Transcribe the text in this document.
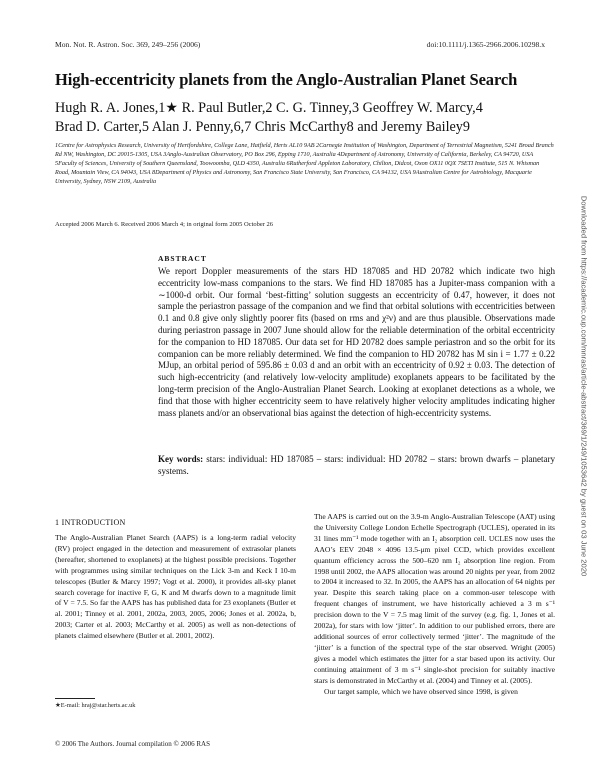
Mon. Not. R. Astron. Soc. 369, 249–256 (2006)	doi:10.1111/j.1365-2966.2006.10298.x
High-eccentricity planets from the Anglo-Australian Planet Search
Hugh R. A. Jones,1★ R. Paul Butler,2 C. G. Tinney,3 Geoffrey W. Marcy,4
Brad D. Carter,5 Alan J. Penny,6,7 Chris McCarthy8 and Jeremy Bailey9
1Centre for Astrophysics Research, University of Hertfordshire, College Lane, Hatfield, Herts AL10 9AB 2Carnegie Institution of Washington, Department of Terrestrial Magnetism, 5241 Broad Branch Rd NW, Washington, DC 20015-1305, USA 3Anglo-Australian Observatory, PO Box 296, Epping 1710, Australia 4Department of Astronomy, University of California, Berkeley, CA 94720, USA 5Faculty of Sciences, University of Southern Queensland, Toowoomba, QLD 4350, Australia 6Rutherford Appleton Laboratory, Chilton, Didcot, Oxon OX11 0QX 7SETI Institute, 515 N. Whisman Road, Mountain View, CA 94043, USA 8Department of Physics and Astronomy, San Francisco State University, San Francisco, CA 94132, USA 9Australian Centre for Astrobiology, Macquarie University, Sydney, NSW 2109, Australia
Accepted 2006 March 6. Received 2006 March 4; in original form 2005 October 26
ABSTRACT
We report Doppler measurements of the stars HD 187085 and HD 20782 which indicate two high eccentricity low-mass companions to the stars. We find HD 187085 has a Jupiter-mass companion with a ∼1000-d orbit. Our formal ‘best-fitting’ solution suggests an eccentricity of 0.47, however, it does not sample the periastron passage of the companion and we find that orbital solutions with eccentricities between 0.1 and 0.8 give only slightly poorer fits (based on rms and χ²ν) and are thus plausible. Observations made during periastron passage in 2007 June should allow for the reliable determination of the orbital eccentricity for the companion to HD 187085. Our data set for HD 20782 does sample periastron and so the orbit for its companion can be more reliably determined. We find the companion to HD 20782 has M sin i = 1.77 ± 0.22 MJup, an orbital period of 595.86 ± 0.03 d and an orbit with an eccentricity of 0.92 ± 0.03. The detection of such high-eccentricity (and relatively low-velocity amplitude) exoplanets appears to be facilitated by the long-term precision of the Anglo-Australian Planet Search. Looking at exoplanet detections as a whole, we find that those with higher eccentricity seem to have relatively higher velocity amplitudes indicating higher mass planets and/or an observational bias against the detection of high-eccentricity systems.
Key words: stars: individual: HD 187085 – stars: individual: HD 20782 – stars: brown dwarfs – planetary systems.
1 INTRODUCTION

The Anglo-Australian Planet Search (AAPS) is a long-term radial velocity (RV) project engaged in the detection and measurement of extrasolar planets (hereafter, shortened to exoplanets) at the highest possible precisions. Together with programmes using similar techniques on the Lick 3-m and Keck I 10-m telescopes (Butler & Marcy 1997; Vogt et al. 2000), it provides all-sky planet search coverage for inactive F, G, K and M dwarfs down to a magnitude limit of V = 7.5. So far the AAPS has has published data for 23 exoplanets (Butler et al. 2001; Tinney et al. 2001, 2002a, 2003, 2005, 2006; Jones et al. 2002a, b, 2003; Carter et al. 2003; McCarthy et al. 2005) as well as non-detections of planets claimed elsewhere (Butler et al. 2001, 2002).

The AAPS is carried out on the 3.9-m Anglo-Australian Telescope (AAT) using the University College London Echelle Spectrograph (UCLES), operated in its 31 lines mm⁻¹ mode together with an I₂ absorption cell. UCLES now uses the AAO’s EEV 2048 × 4096 13.5-μm pixel CCD, which provides excellent quantum efficiency across the 500–620 nm I₂ absorption line region. From 1998 until 2002, the AAPS allocation was around 20 nights per year, from 2002 to 2004 it increased to 32. In 2005, the AAPS has an allocation of 64 nights per year. Despite this search taking place on a common-user telescope with frequent changes of instrument, we have historically achieved a 3 m s⁻¹ precision down to the V = 7.5 mag limit of the survey (e.g. fig. 1, Jones et al. 2002a), for stars with low ‘jitter’. In addition to our published errors, there are additional sources of error collectively termed ‘jitter’. The magnitude of the ‘jitter’ is a function of the spectral type of the star observed. Wright (2005) gives a model which estimates the jitter for a star based upon its activity. Our continuing attainment of 3 m s⁻¹ single-shot precision for suitably inactive stars is demonstrated in McCarthy et al. (2004) and Tinney et al. (2005).

Our target sample, which we have observed since 1998, is given

★E-mail: hraj@star.herts.ac.uk
© 2006 The Authors. Journal compilation © 2006 RAS
Downloaded from https://academic.oup.com/mnras/article-abstract/369/1/249/1053642 by guest on 03 June 2020
